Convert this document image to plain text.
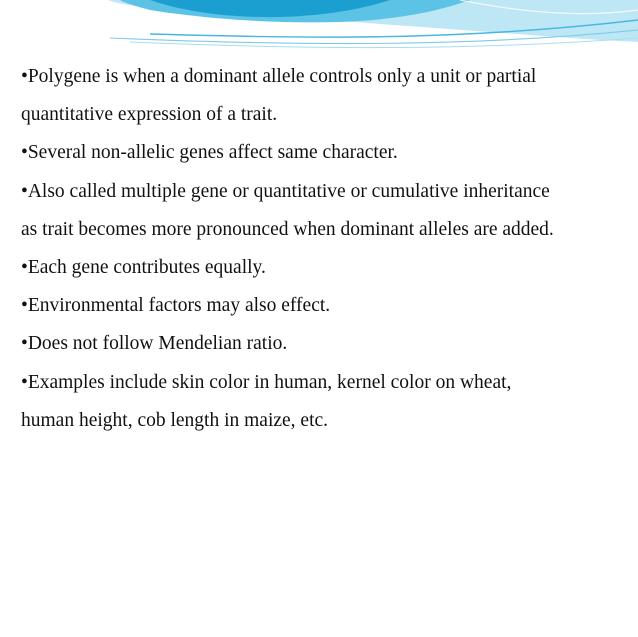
•Polygene is when a dominant allele controls only a unit or partial
quantitative expression of a trait.
•Several non-allelic genes affect same character.
•Also called multiple gene or quantitative or cumulative inheritance
as trait becomes more pronounced when dominant alleles are added.
•Each gene contributes equally.
•Environmental factors may also effect.
•Does not follow Mendelian ratio.
•Examples include skin color in human, kernel color on wheat,
human height, cob length in maize, etc.
